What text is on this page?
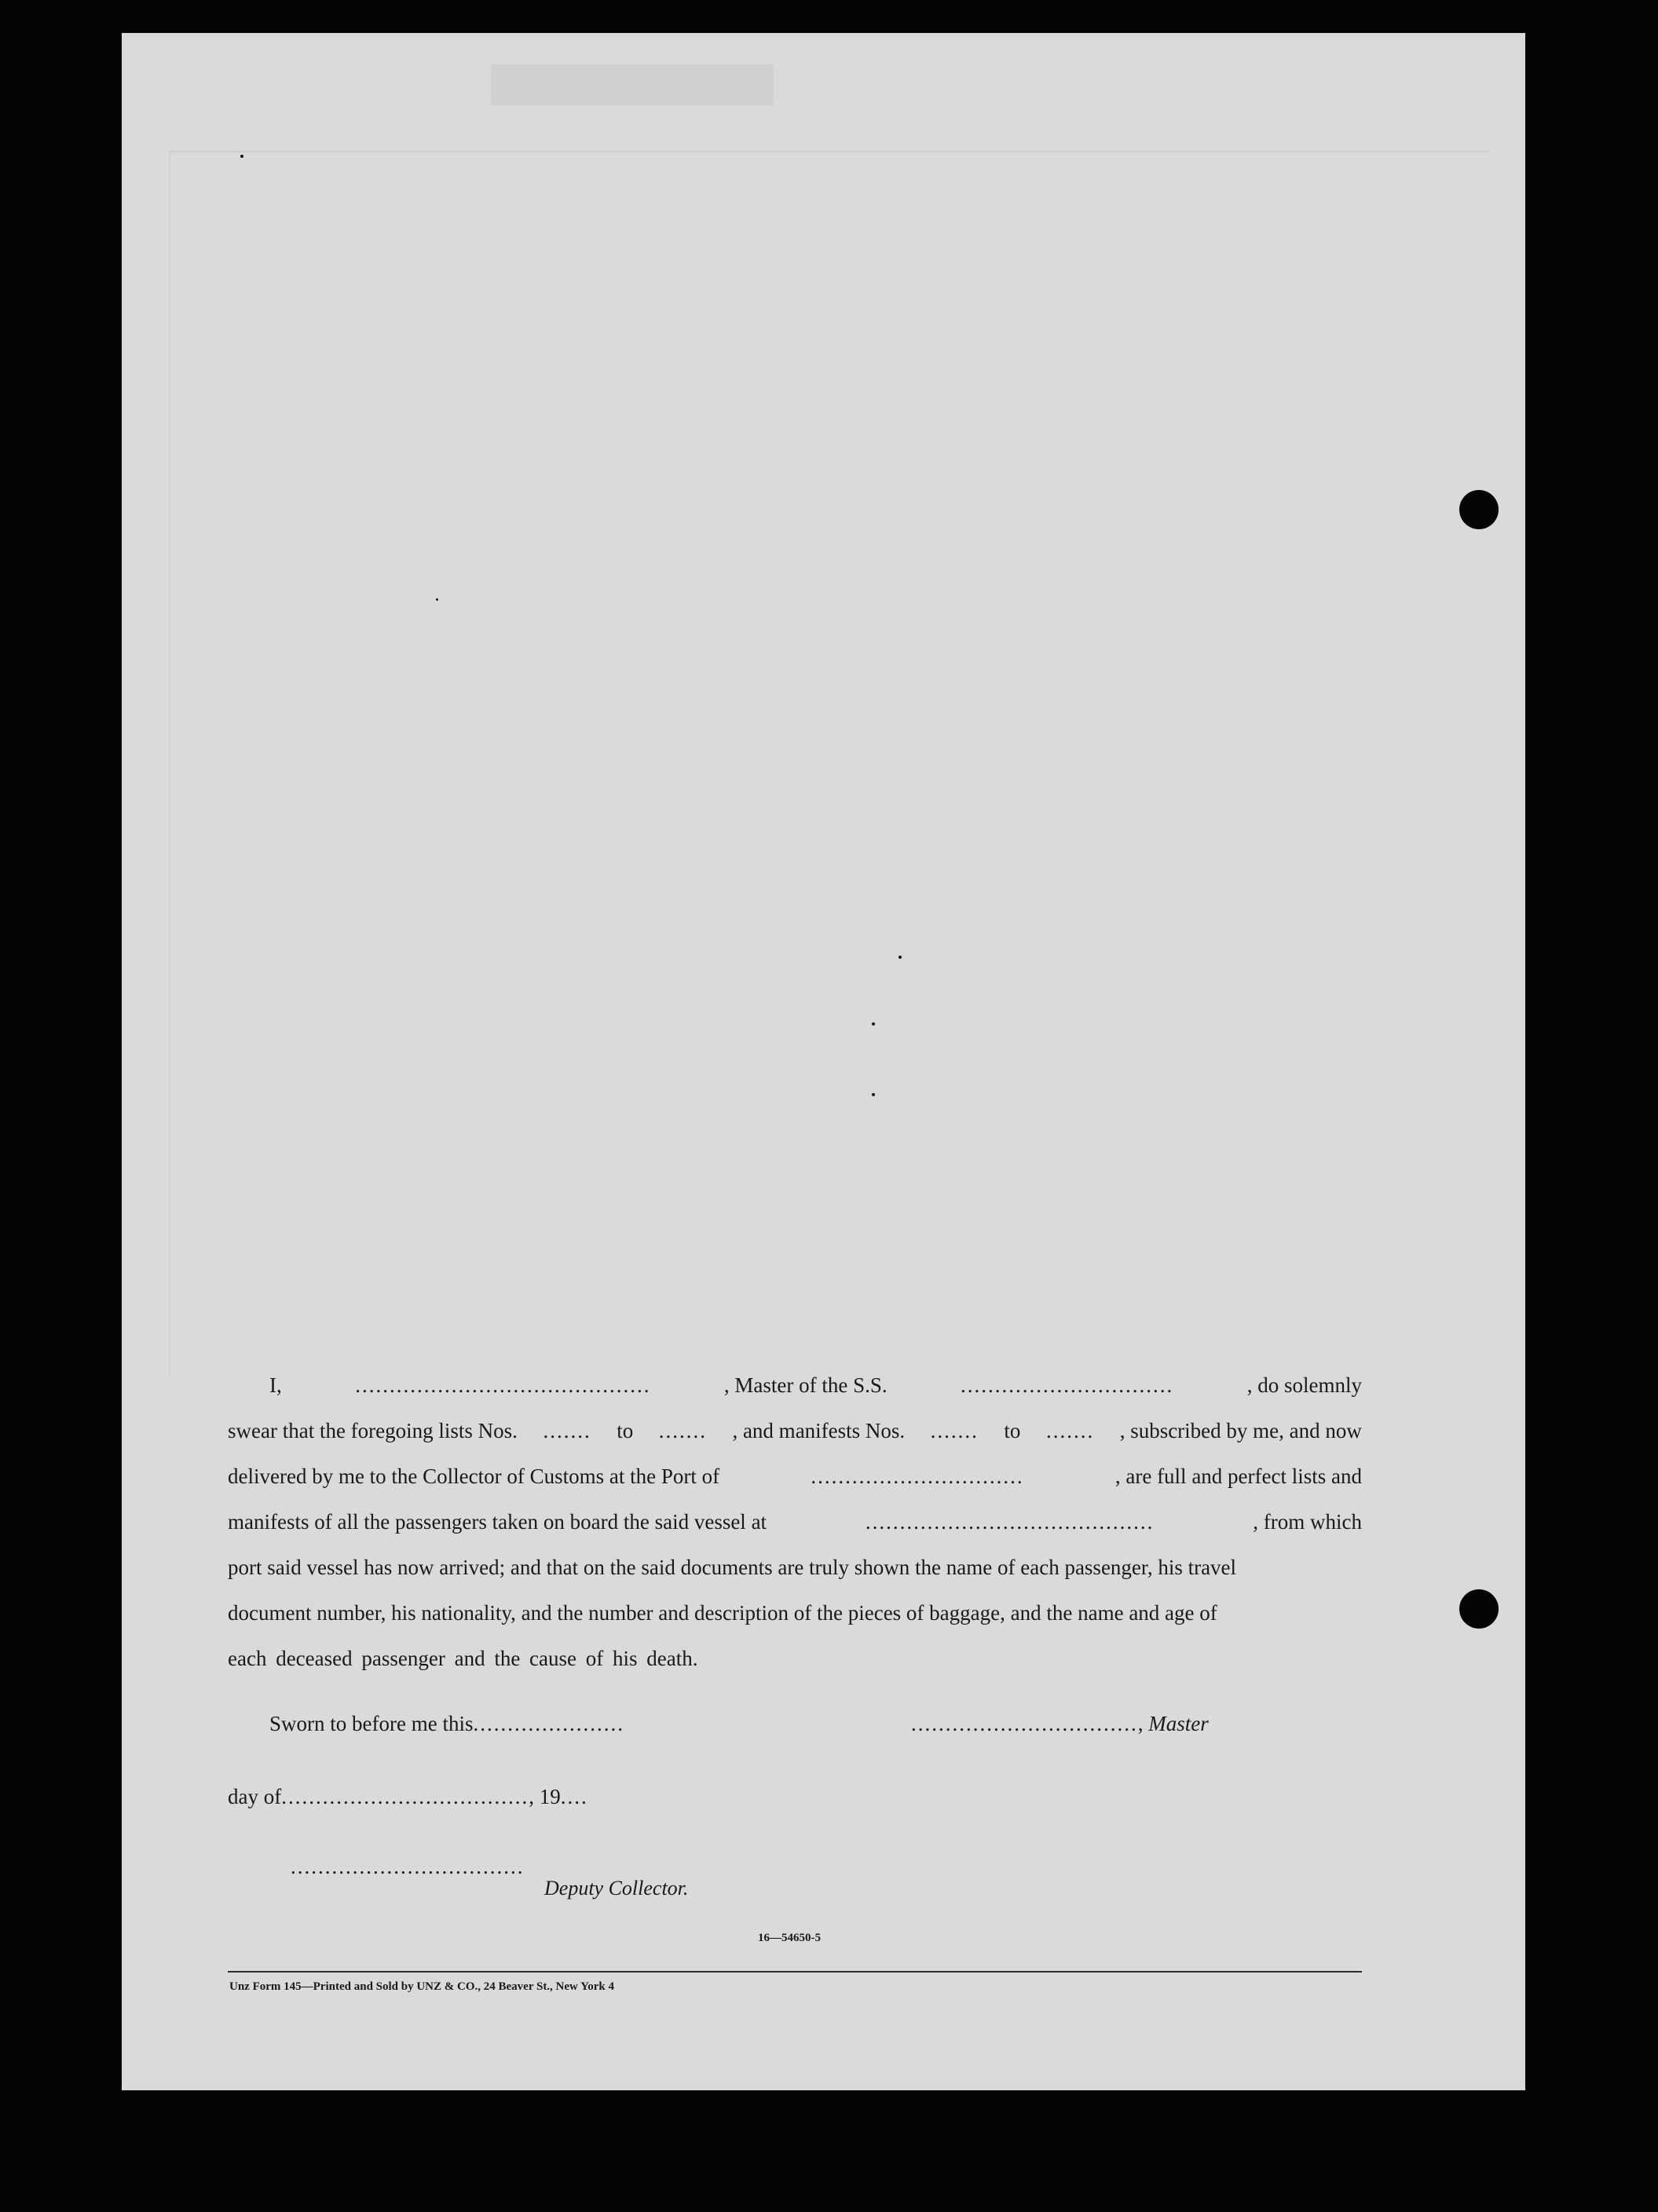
I,	...........................................	, Master of the S.S.	...............................	, do solemnly
swear that the foregoing lists Nos. ....... to ....... , and manifests Nos. ....... to ....... , subscribed by me, and now
delivered by me to the Collector of Customs at the Port of	...............................	, are full and perfect lists and
manifests of all the passengers taken on board the said vessel at	..........................................	, from which
port said vessel has now arrived; and that on the said documents are truly shown the name of each passenger, his travel
document number, his nationality, and the number and description of the pieces of baggage, and the name and age of
each deceased passenger and the cause of his death.
Sworn to before me this......................	................................., Master
day of...................................., 19....
..................................
Deputy Collector.
16—54650-5
Unz Form 145—Printed and Sold by UNZ & CO., 24 Beaver St., New York 4
